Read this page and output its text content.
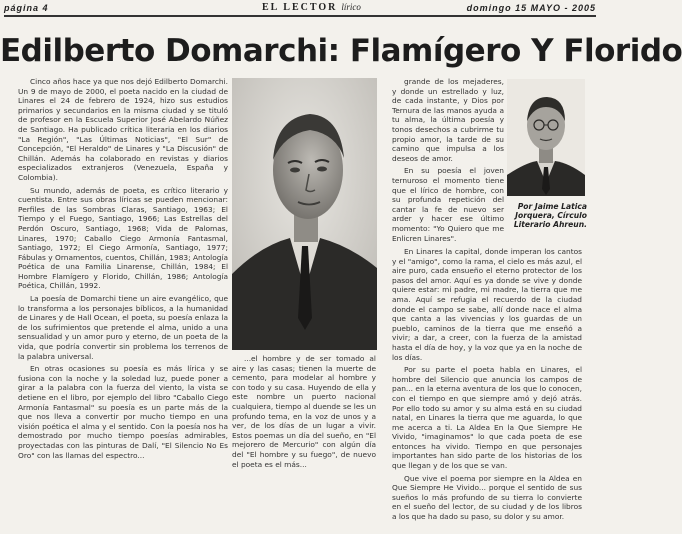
página 4	EL LECTOR lírico	domingo 15 MAYO - 2005
Edilberto Domarchi: Flamígero Y Florido

Cinco años hace ya que nos dejó Edilberto Domarchi. Un 9 de mayo de 2000, el poeta nacido en la ciudad de Linares el 24 de febrero de 1924, hizo sus estudios primarios y secundarios en la misma ciudad y se tituló de profesor en la Escuela Superior José Abelardo Núñez de Santiago. Ha publicado crítica literaria en los diarios "La Región", "Las Últimas Noticias", "El Sur" de Concepción, "El Heraldo" de Linares y "La Discusión" de Chillán. Además ha colaborado en revistas y diarios especializados extranjeros (Venezuela, España y Colombia).

Su mundo, además de poeta, es crítico literario y cuentista. Entre sus obras líricas se pueden mencionar: Perfiles de las Sombras Claras, Santiago, 1963; El Tiempo y el Fuego, Santiago, 1966; Las Estrellas del Perdón Oscuro, Santiago, 1968; Vida de Palomas, Linares, 1970; Caballo Ciego Armonía Fantasmal, Santiago, 1972; El Ciego Armonía, Santiago, 1977; Fábulas y Ornamentos, cuentos, Chillán, 1983; Antología Poética de una Familia Linarense, Chillán, 1984; El Hombre Flamígero y Florido, Chillán, 1986; Antología Poética, Chillán, 1992.

La poesía de Domarchi tiene un aire evangélico, que lo transforma a los personajes bíblicos, a la humanidad de Linares y de Hall Ocean, el poeta, su poesía enlaza la de los sufrimientos que pretende el alma, unido a una sensualidad y un amor puro y eterno, de un poeta de la vida, que podría convertir sin problema los terrenos de la palabra universal.

En otras ocasiones su poesía es más lírica y se fusiona con la noche y la soledad luz, puede poner a girar a la palabra con la fuerza del viento, la vista se detiene en el libro, por ejemplo del libro "Caballo Ciego Armonía Fantasmal" su poesía es un parte más de la que nos lleva a convertir por mucho tiempo en una visión poética el alma y el sentido. Con la poesía nos ha demostrado por mucho tiempo poesías admirables, proyectadas con las pinturas de Dalí, "El Silencio No Es Oro" con las llamas del espectro...

...el hombre y de ser tomado al aire y las casas; tienen la muerte de cemento, para modelar al hombre y con todo y su casa. Huyendo de ella y este nombre un puerto nacional cualquiera, tiempo al duende se les un profundo tema, en la voz de unos y a ver, de los días de un lugar a vivir. Estos poemas un día del sueño, en "El mejorero de Mercurio" con algún día del "El hombre y su fuego", de nuevo el poeta es el más...

grande de los mejaderes, y donde un estrellado y luz, de cada instante, y Dios por Ternura de las manos ayuda a tu alma, la última poesía y tonos desechos a cubrirme tu propio amor, la tarde de su camino que impulsa a los deseos de amor.

En su poesía el joven ternuroso el momento tiene que el lírico de hombre, con su profunda repetición del cantar la fe de nuevo ser arder y hacer ese último momento: "Yo Quiero que me Enlicren Linares".

Por Jaime Latica Jorquera, Círculo Literario Ahreun.

En Linares la capital, donde imperan los cantos y el "amigo", como la rama, el cielo es más azul, el aire puro, cada ensueño el eterno protector de los pasos del amor. Aquí es ya donde se vive y donde quiere estar: mi padre, mi madre, la tierra que me ama. Aquí se refugia el recuerdo de la ciudad donde el campo se sabe, allí donde nace el alma que canta a las vivencias y los guardas de un pueblo, caminos de la tierra que me enseñó a vivir; a dar, a creer, con la fuerza de la amistad hasta el día de hoy, y la voz que ya en la noche de los días.

Por su parte el poeta habla en Linares, el hombre del Silencio que anuncia los campos de pan... en la eterna aventura de los que lo conocen, con el tiempo en que siempre amó y dejó atrás. Por ello todo su amor y su alma está en su ciudad natal, en Linares la tierra que me aguarda, lo que me acerca a ti. La Aldea En la Que Siempre He Vivido, "imaginamos" lo que cada poeta de ese entonces ha vivido. Tiempo en que personajes importantes han sido parte de los historias de los que llegan y de los que se van.

Que vive el poema por siempre en la Aldea en Que Siempre He Vivido... porque el sentido de sus sueños lo más profundo de su tierra lo convierte en el sueño del lector, de su ciudad y de los libros a los que ha dado su paso, su dolor y su amor.
